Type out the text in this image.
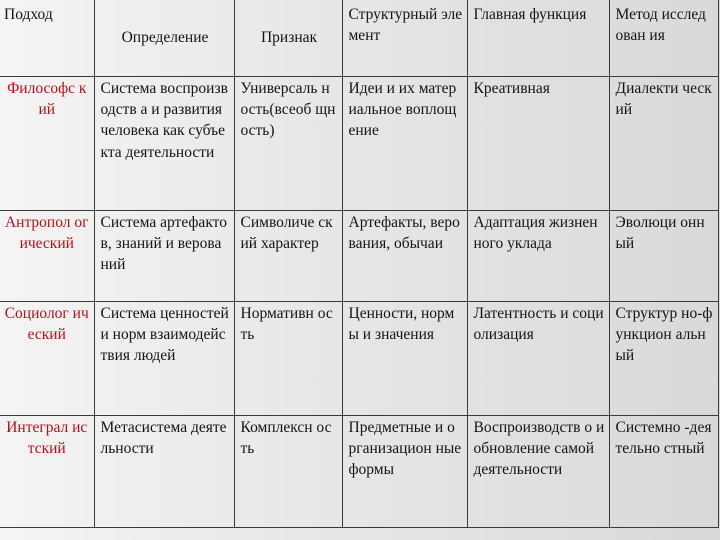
Подход	Определение	Признак	Структурный элемент	Главная функция	Метод исследован ия
Философс кий	Система воспроизводств а и развития человека как субъекта деятельности	Универсаль ность(всеоб щность)	Идеи и их материальное воплощение	Креативная	Диалекти ческий
Антропол огический	Система артефактов, знаний и верований	Символиче ский характер	Артефакты, верования, обычаи	Адаптация жизненного уклада	Эволюци онный
Социолог ический	Система ценностей и норм взаимодействия людей	Нормативн ость	Ценности, нормы и значения	Латентность и социолизация	Структур но-функцион альный
Интеграл истский	Метасистема деятельности	Комплексн ость	Предметные и организацион ные формы	Воспроизводств о и обновление самой деятельности	Системно -деятельно стный
